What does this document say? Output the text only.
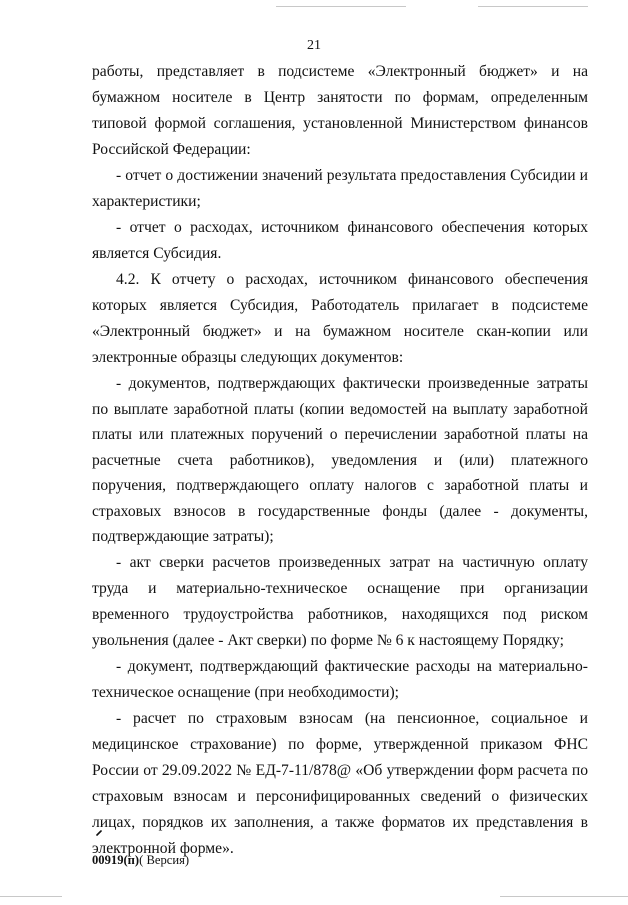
21

работы, представляет в подсистеме «Электронный бюджет» и на бумажном носителе в Центр занятости по формам, определенным типовой формой соглашения, установленной Министерством финансов Российской Федерации:

- отчет о достижении значений результата предоставления Субсидии и характеристики;

- отчет о расходах, источником финансового обеспечения которых является Субсидия.

4.2. К отчету о расходах, источником финансового обеспечения которых является Субсидия, Работодатель прилагает в подсистеме «Электронный бюджет» и на бумажном носителе скан-копии или электронные образцы следующих документов:

- документов, подтверждающих фактически произведенные затраты по выплате заработной платы (копии ведомостей на выплату заработной платы или платежных поручений о перечислении заработной платы на расчетные счета работников), уведомления и (или) платежного поручения, подтверждающего оплату налогов с заработной платы и страховых взносов в государственные фонды (далее - документы, подтверждающие затраты);

- акт сверки расчетов произведенных затрат на частичную оплату труда и материально-техническое оснащение при организации временного трудоустройства работников, находящихся под риском увольнения (далее - Акт сверки) по форме № 6 к настоящему Порядку;

- документ, подтверждающий фактические расходы на материально-техническое оснащение (при необходимости);

- расчет по страховым взносам (на пенсионное, социальное и медицинское страхование) по форме, утвержденной приказом ФНС России от 29.09.2022 № ЕД-7-11/878@ «Об утверждении форм расчета по страховым взносам и персонифицированных сведений о физических лицах, порядков их заполнения, а также форматов их представления в электронной форме».

00919(п)( Версия)
